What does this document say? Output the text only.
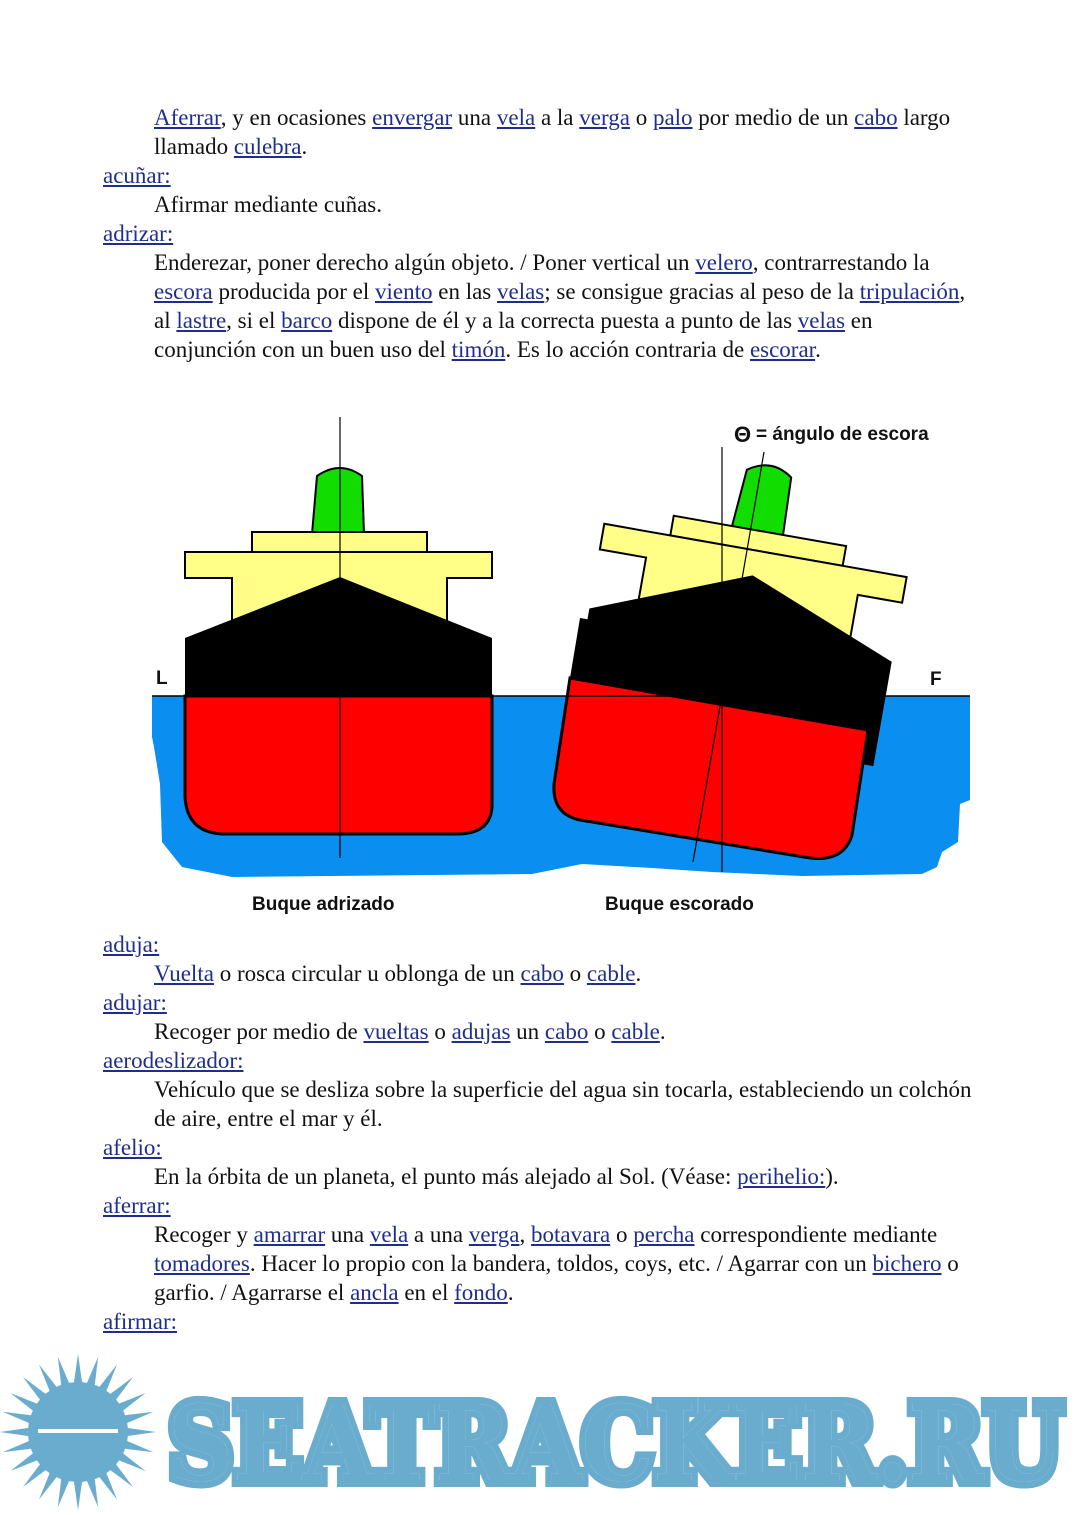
Aferrar, y en ocasiones envergar una vela a la verga o palo por medio de un cabo largo llamado culebra.
acuñar:
Afirmar mediante cuñas.
adrizar:
Enderezar, poner derecho algún objeto. / Poner vertical un velero, contrarrestando la escora producida por el viento en las velas; se consigue gracias al peso de la tripulación, al lastre, si el barco dispone de él y a la correcta puesta a punto de las velas en conjunción con un buen uso del timón. Es lo acción contraria de escorar.
Θ = ángulo de escora
L	F
Buque adrizado	Buque escorado
aduja:
Vuelta o rosca circular u oblonga de un cabo o cable.
adujar:
Recoger por medio de vueltas o adujas un cabo o cable.
aerodeslizador:
Vehículo que se desliza sobre la superficie del agua sin tocarla, estableciendo un colchón de aire, entre el mar y él.
afelio:
En la órbita de un planeta, el punto más alejado al Sol. (Véase: perihelio:).
aferrar:
Recoger y amarrar una vela a una verga, botavara o percha correspondiente mediante tomadores. Hacer lo propio con la bandera, toldos, coys, etc. / Agarrar con un bichero o garfio. / Agarrarse el ancla en el fondo.
afirmar:
SEATRACKER.RU
SEATRACKER.RU
